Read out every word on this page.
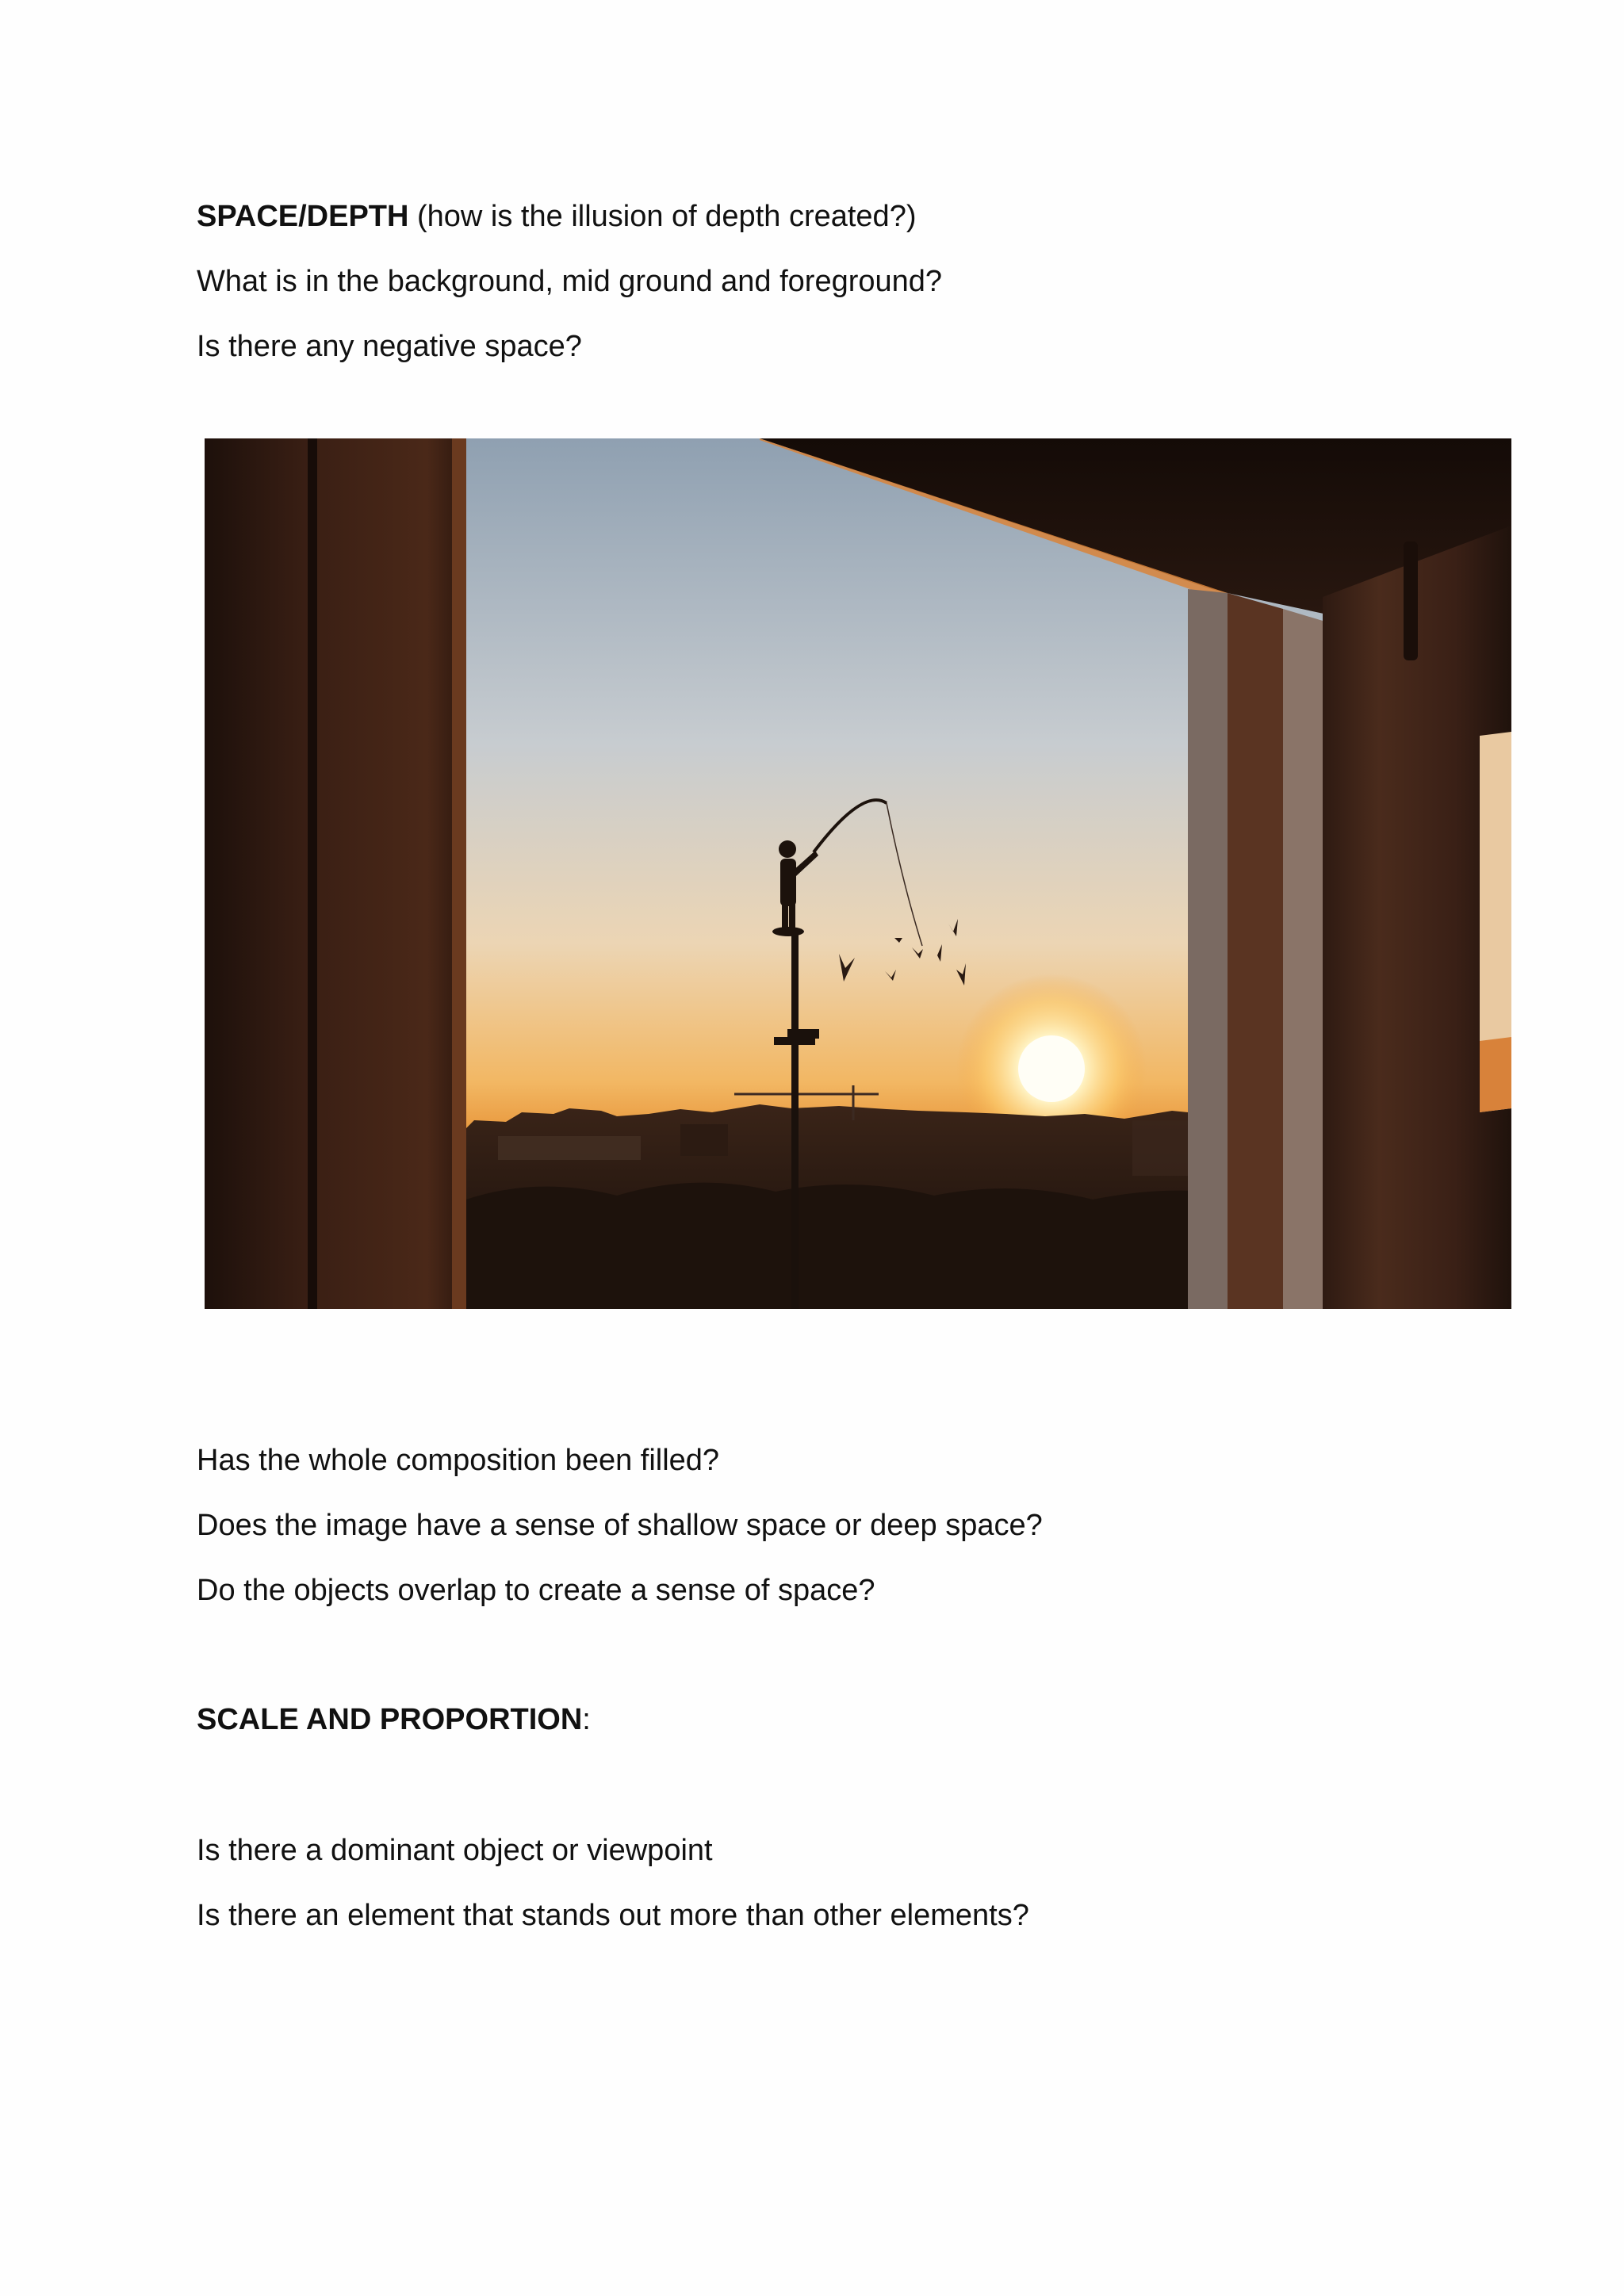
SPACE/DEPTH (how is the illusion of depth created?)
What is in the background, mid ground and foreground?
Is there any negative space?
Has the whole composition been filled?
Does the image have a sense of shallow space or deep space?
Do the objects overlap to create a sense of space?
SCALE AND PROPORTION:
Is there a dominant object or viewpoint
Is there an element that stands out more than other elements?
